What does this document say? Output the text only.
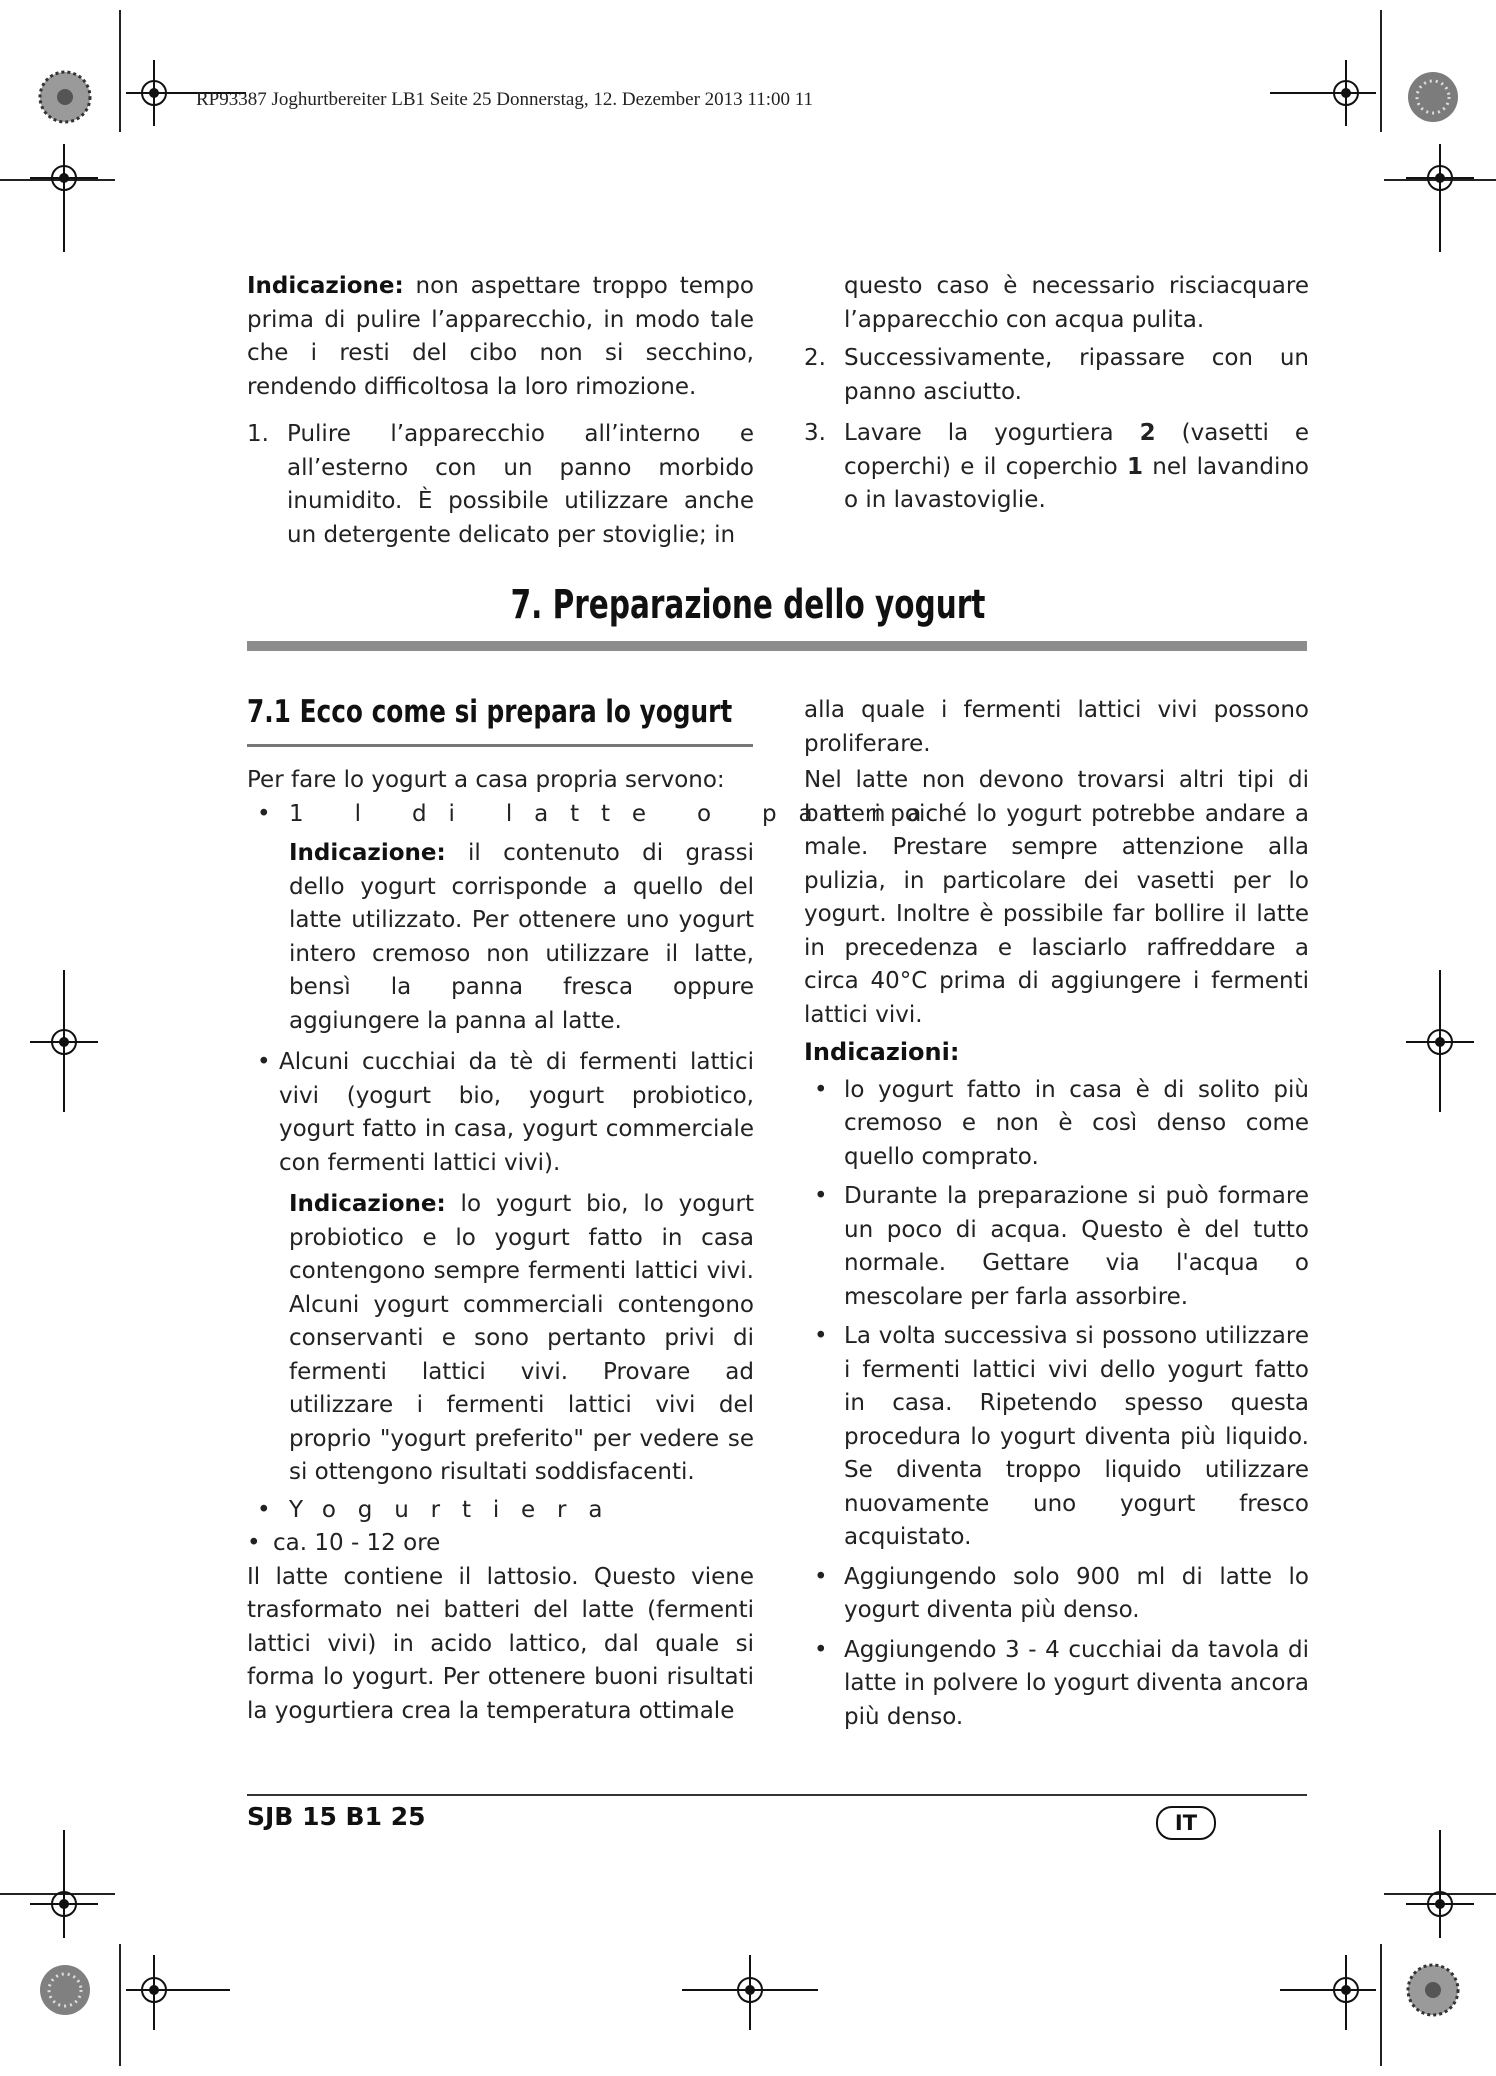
RP93387 Joghurtbereiter LB1 Seite 25 Donnerstag, 12. Dezember 2013 11:00 11

Indicazione: non aspettare troppo tempo prima di pulire l’apparecchio, in modo tale che i resti del cibo non si secchino, rendendo difficoltosa la loro rimozione.

1. Pulire l’apparecchio all’interno e all’esterno con un panno morbido inumidito. È possibile utilizzare anche un detergente delicato per stoviglie; in

questo caso è necessario risciacquare l’apparecchio con acqua pulita.

2. Successivamente, ripassare con un panno asciutto.

3. Lavare la yogurtiera 2 (vasetti e coperchi) e il coperchio 1 nel lavandino o in lavastoviglie.

7. Preparazione dello yogurt
7.1 Ecco come si prepara lo yogurt

Per fare lo yogurt a casa propria servono:

• 1 l di latte o panna

Indicazione: il contenuto di grassi dello yogurt corrisponde a quello del latte utilizzato. Per ottenere uno yogurt intero cremoso non utilizzare il latte, bensì la panna fresca oppure aggiungere la panna al latte.

• Alcuni cucchiai da tè di fermenti lattici vivi (yogurt bio, yogurt probiotico, yogurt fatto in casa, yogurt commerciale con fermenti lattici vivi).

Indicazione: lo yogurt bio, lo yogurt probiotico e lo yogurt fatto in casa contengono sempre fermenti lattici vivi. Alcuni yogurt commerciali contengono conservanti e sono pertanto privi di fermenti lattici vivi. Provare ad utilizzare i fermenti lattici vivi del proprio "yogurt preferito" per vedere se si ottengono risultati soddisfacenti.

• Yogurtiera

• ca. 10 - 12 ore

Il latte contiene il lattosio. Questo viene trasformato nei batteri del latte (fermenti lattici vivi) in acido lattico, dal quale si forma lo yogurt. Per ottenere buoni risultati la yogurtiera crea la temperatura ottimale

alla quale i fermenti lattici vivi possono proliferare.

Nel latte non devono trovarsi altri tipi di batteri poiché lo yogurt potrebbe andare a male. Prestare sempre attenzione alla pulizia, in particolare dei vasetti per lo yogurt. Inoltre è possibile far bollire il latte in precedenza e lasciarlo raffreddare a circa 40°C prima di aggiungere i fermenti lattici vivi.

Indicazioni:

• lo yogurt fatto in casa è di solito più cremoso e non è così denso come quello comprato.

• Durante la preparazione si può formare un poco di acqua. Questo è del tutto normale. Gettare via l'acqua o mescolare per farla assorbire.

• La volta successiva si possono utilizzare i fermenti lattici vivi dello yogurt fatto in casa. Ripetendo spesso questa procedura lo yogurt diventa più liquido. Se diventa troppo liquido utilizzare nuovamente uno yogurt fresco acquistato.

• Aggiungendo solo 900 ml di latte lo yogurt diventa più denso.

• Aggiungendo 3 - 4 cucchiai da tavola di latte in polvere lo yogurt diventa ancora più denso.

SJB 15 B1 25	IT
